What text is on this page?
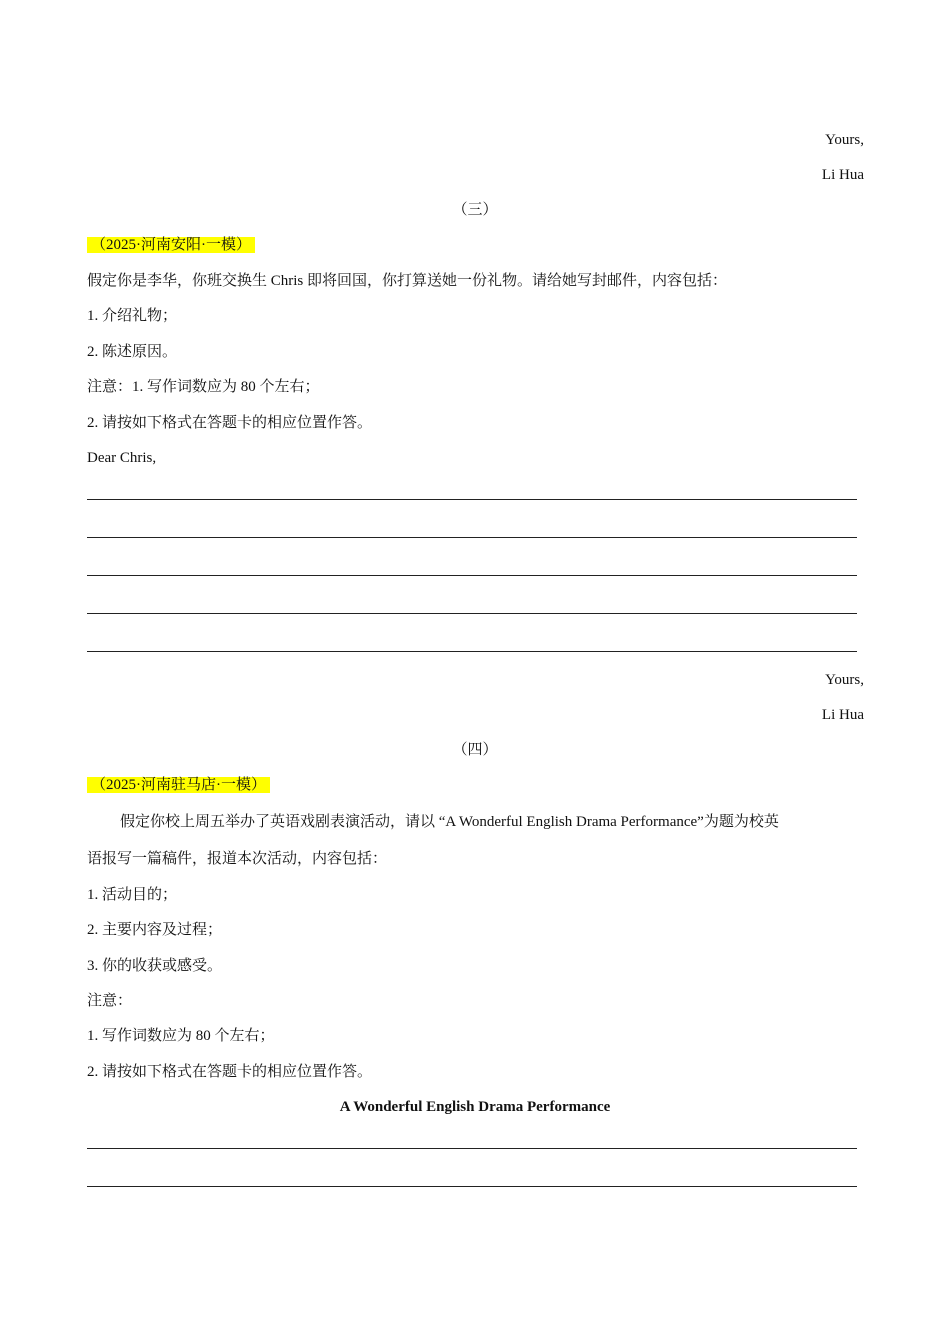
Yours,
Li Hua
（三）
（2025·河南安阳·一模）
假定你是李华，你班交换生 Chris 即将回国，你打算送她一份礼物。请给她写封邮件，内容包括：
1. 介绍礼物；
2. 陈述原因。
注意：1. 写作词数应为 80 个左右；
2. 请按如下格式在答题卡的相应位置作答。
Dear Chris,
Yours,
Li Hua
（四）
（2025·河南驻马店·一模）
假定你校上周五举办了英语戏剧表演活动，请以 “A Wonderful English Drama Performance”为题为校英
语报写一篇稿件，报道本次活动，内容包括：
1. 活动目的；
2. 主要内容及过程；
3. 你的收获或感受。
注意：
1. 写作词数应为 80 个左右；
2. 请按如下格式在答题卡的相应位置作答。
A Wonderful English Drama Performance
